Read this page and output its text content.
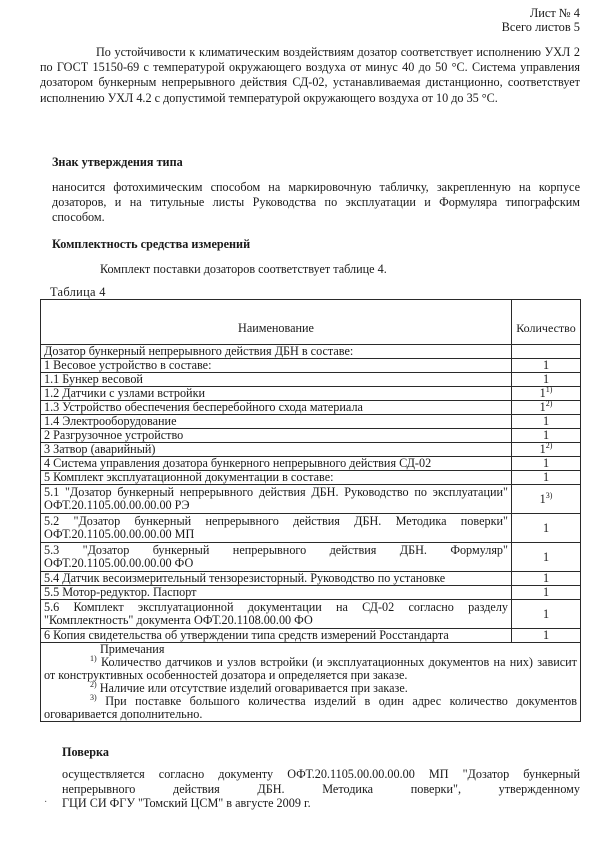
Лист № 4
Всего листов 5
По устойчивости к климатическим воздействиям дозатор соответствует исполнению УХЛ 2 по ГОСТ 15150-69 с температурой окружающего воздуха от минус 40 до 50 °С. Система управления дозатором бункерным непрерывного действия СД-02, устанавливаемая дистанционно, соответствует исполнению УХЛ 4.2 с допустимой температурой окружающего воздуха от 10 до 35 °С.
Знак утверждения типа
наносится фотохимическим способом на маркировочную табличку, закрепленную на корпусе дозаторов, и на титульные листы Руководства по эксплуатации и Формуляра типографским способом.
Комплектность средства измерений
Комплект поставки дозаторов соответствует таблице 4.
Таблица 4
Наименование	Количество
Дозатор бункерный непрерывного действия ДБН в составе:	
1 Весовое устройство в составе:	1
1.1 Бункер весовой	1
1.2 Датчики с узлами встройки	1$^{1)}$
1.3 Устройство обеспечения бесперебойного схода материала	1$^{2)}$
1.4 Электрооборудование	1
2 Разгрузочное устройство	1
3 Затвор (аварийный)	1$^{2)}$
4 Система управления дозатора бункерного непрерывного действия СД-02	1
5 Комплект эксплуатационной документации в составе:	1
5.1 "Дозатор бункерный непрерывного действия ДБН. Руководство по эксплуатации" ОФТ.20.1105.00.00.00.00 РЭ	1$^{3)}$
5.2 "Дозатор бункерный непрерывного действия ДБН. Методика поверки" ОФТ.20.1105.00.00.00.00 МП	1
5.3 "Дозатор бункерный непрерывного действия ДБН. Формуляр" ОФТ.20.1105.00.00.00.00 ФО	1
5.4 Датчик весоизмерительный тензорезисторный. Руководство по установке	1
5.5 Мотор-редуктор. Паспорт	1
5.6 Комплект эксплуатационной документации на СД-02 согласно разделу "Комплектность" документа ОФТ.20.1108.00.00 ФО	1
6 Копия свидетельства об утверждении типа средств измерений Росстандарта	1

Примечания
$^{1)}$ Количество датчиков и узлов встройки (и эксплуатационных документов на них) зависит от конструктивных особенностей дозатора и определяется при заказе.
$^{2)}$ Наличие или отсутствие изделий оговаривается при заказе.
$^{3)}$ При поставке большого количества изделий в один адрес количество документов оговаривается дополнительно.	
Поверка
осуществляется согласно документу ОФТ.20.1105.00.00.00.00 МП "Дозатор бункерный
непрерывного действия ДБН. Методика поверки", утвержденному
ГЦИ СИ ФГУ "Томский ЦСМ" в августе 2009 г.
·
